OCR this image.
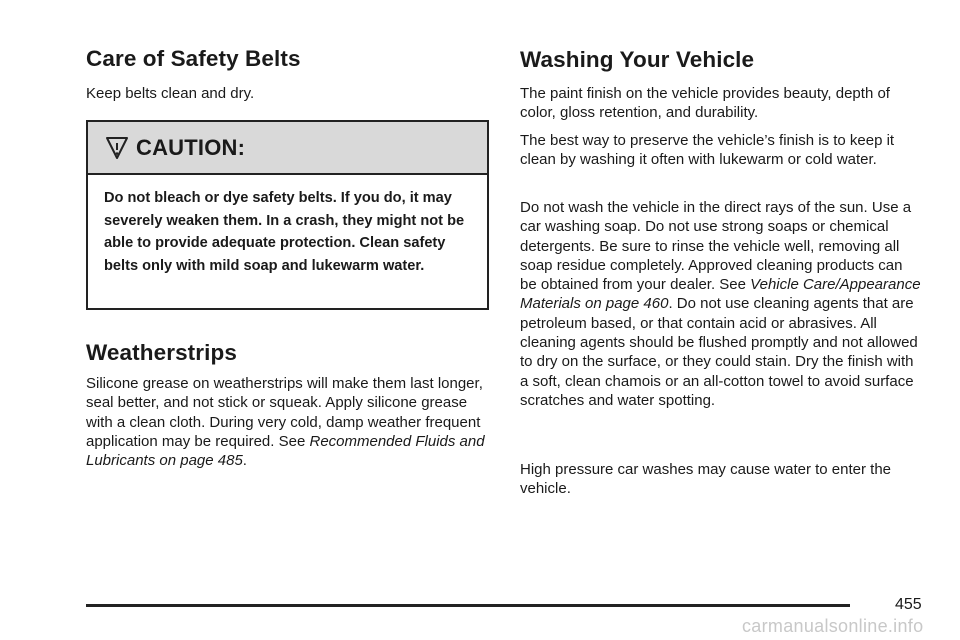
Care of Safety Belts

Keep belts clean and dry.

CAUTION:
Do not bleach or dye safety belts. If you do, it may severely weaken them. In a crash, they might not be able to provide adequate protection. Clean safety belts only with mild soap and lukewarm water.
Weatherstrips

Silicone grease on weatherstrips will make them last longer, seal better, and not stick or squeak. Apply silicone grease with a clean cloth. During very cold, damp weather frequent application may be required. See Recommended Fluids and Lubricants on page 485.

Washing Your Vehicle

The paint finish on the vehicle provides beauty, depth of color, gloss retention, and durability.

The best way to preserve the vehicle’s finish is to keep it clean by washing it often with lukewarm or cold water.

Do not wash the vehicle in the direct rays of the sun. Use a car washing soap. Do not use strong soaps or chemical detergents. Be sure to rinse the vehicle well, removing all soap residue completely. Approved cleaning products can be obtained from your dealer. See Vehicle Care/Appearance Materials on page 460. Do not use cleaning agents that are petroleum based, or that contain acid or abrasives. All cleaning agents should be flushed promptly and not allowed to dry on the surface, or they could stain. Dry the finish with a soft, clean chamois or an all-cotton towel to avoid surface scratches and water spotting.

High pressure car washes may cause water to enter the vehicle.

455
carmanualsonline.info
